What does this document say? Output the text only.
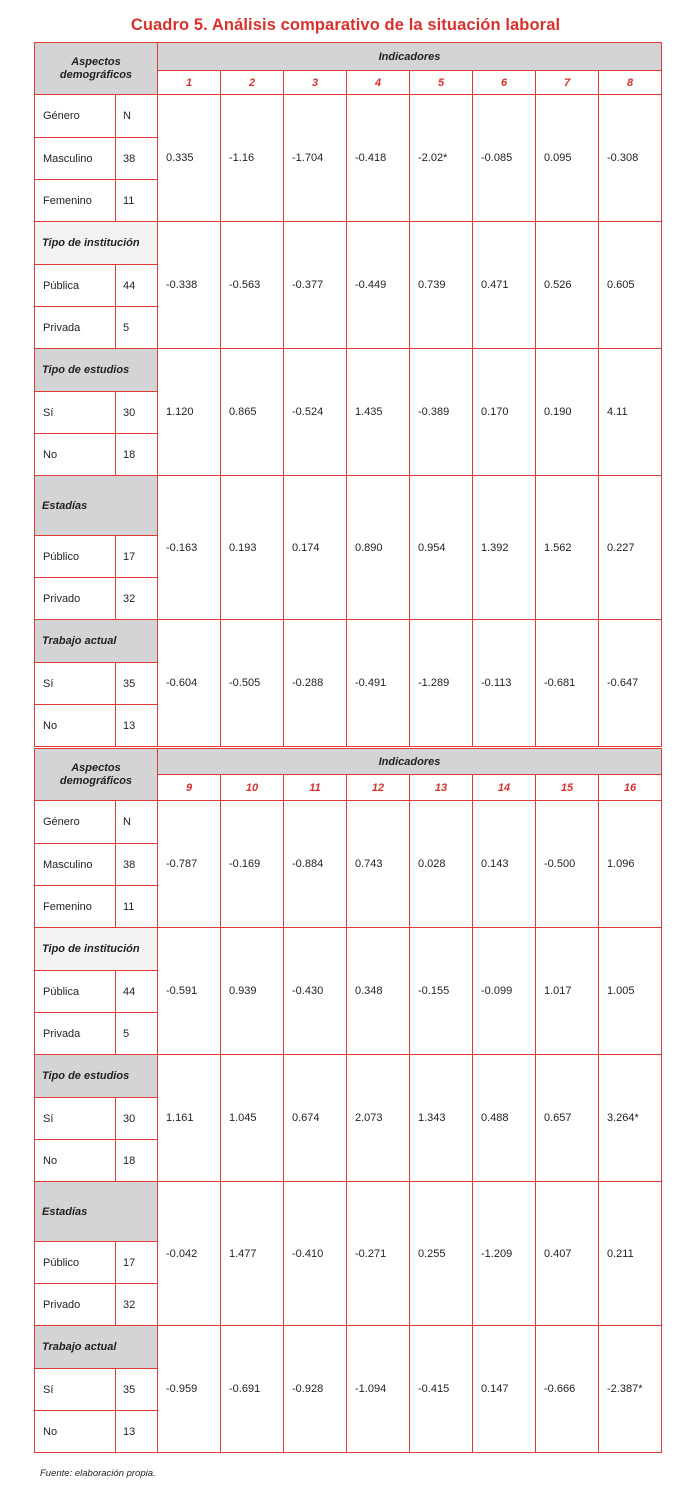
Cuadro 5. Análisis comparativo de la situación laboral
Aspectos demográficos		Indicadores							
		1	2	3	4	5	6	7	8
Género	N	0.335	-1.16	-1.704	-0.418	-2.02*	-0.085	0.095	-0.308
Masculino	38								
Femenino	11								
Tipo de institución		-0.338	-0.563	-0.377	-0.449	0.739	0.471	0.526	0.605
Pública	44								
Privada	5								
Tipo de estudios		1.120	0.865	-0.524	1.435	-0.389	0.170	0.190	4.11
Sí	30								
No	18								
Estadías		-0.163	0.193	0.174	0.890	0.954	1.392	1.562	0.227
Público	17								
Privado	32								
Trabajo actual		-0.604	-0.505	-0.288	-0.491	-1.289	-0.113	-0.681	-0.647
Sí	35								
No	13								
Aspectos demográficos		Indicadores							
		9	10	11	12	13	14	15	16
Género	N	-0.787	-0.169	-0.884	0.743	0.028	0.143	-0.500	1.096
Masculino	38								
Femenino	11								
Tipo de institución		-0.591	0.939	-0.430	0.348	-0.155	-0.099	1.017	1.005
Pública	44								
Privada	5								
Tipo de estudios		1.161	1.045	0.674	2.073	1.343	0.488	0.657	3.264*
Sí	30								
No	18								
Estadías		-0.042	1.477	-0.410	-0.271	0.255	-1.209	0.407	0.211
Público	17								
Privado	32								
Trabajo actual		-0.959	-0.691	-0.928	-1.094	-0.415	0.147	-0.666	-2.387*
Sí	35								
No	13								
Fuente: elaboración propia.
